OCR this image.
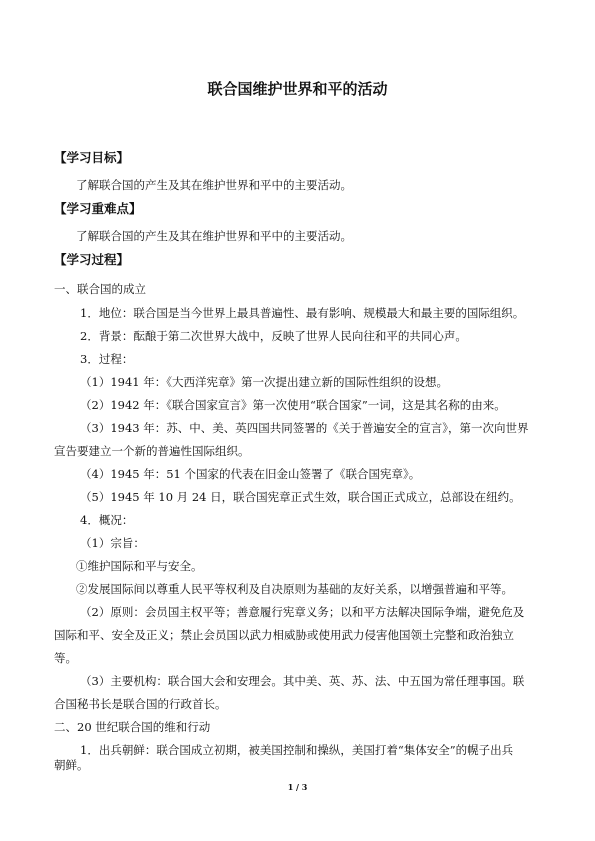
联合国维护世界和平的活动
【学习目标】
了解联合国的产生及其在维护世界和平中的主要活动。
【学习重难点】
了解联合国的产生及其在维护世界和平中的主要活动。
【学习过程】
一、联合国的成立
1．地位：联合国是当今世界上最具普遍性、最有影响、规模最大和最主要的国际组织。
2．背景：酝酿于第二次世界大战中，反映了世界人民向往和平的共同心声。
3．过程：
（1）1941 年：《大西洋宪章》第一次提出建立新的国际性组织的设想。
（2）1942 年：《联合国家宣言》第一次使用“联合国家”一词，这是其名称的由来。
（3）1943 年：苏、中、美、英四国共同签署的《关于普遍安全的宣言》，第一次向世界
宣告要建立一个新的普遍性国际组织。
（4）1945 年：51 个国家的代表在旧金山签署了《联合国宪章》。
（5）1945 年 10 月 24 日，联合国宪章正式生效，联合国正式成立，总部设在纽约。
4．概况：
（1）宗旨：
①维护国际和平与安全。
②发展国际间以尊重人民平等权利及自决原则为基础的友好关系，以增强普遍和平等。
（2）原则：会员国主权平等；善意履行宪章义务；以和平方法解决国际争端，避免危及
国际和平、安全及正义；禁止会员国以武力相威胁或使用武力侵害他国领土完整和政治独立
等。
（3）主要机构：联合国大会和安理会。其中美、英、苏、法、中五国为常任理事国。联
合国秘书长是联合国的行政首长。
二、20 世纪联合国的维和行动
1．出兵朝鲜：联合国成立初期，被美国控制和操纵，美国打着“集体安全”的幌子出兵
朝鲜。
1 / 3
